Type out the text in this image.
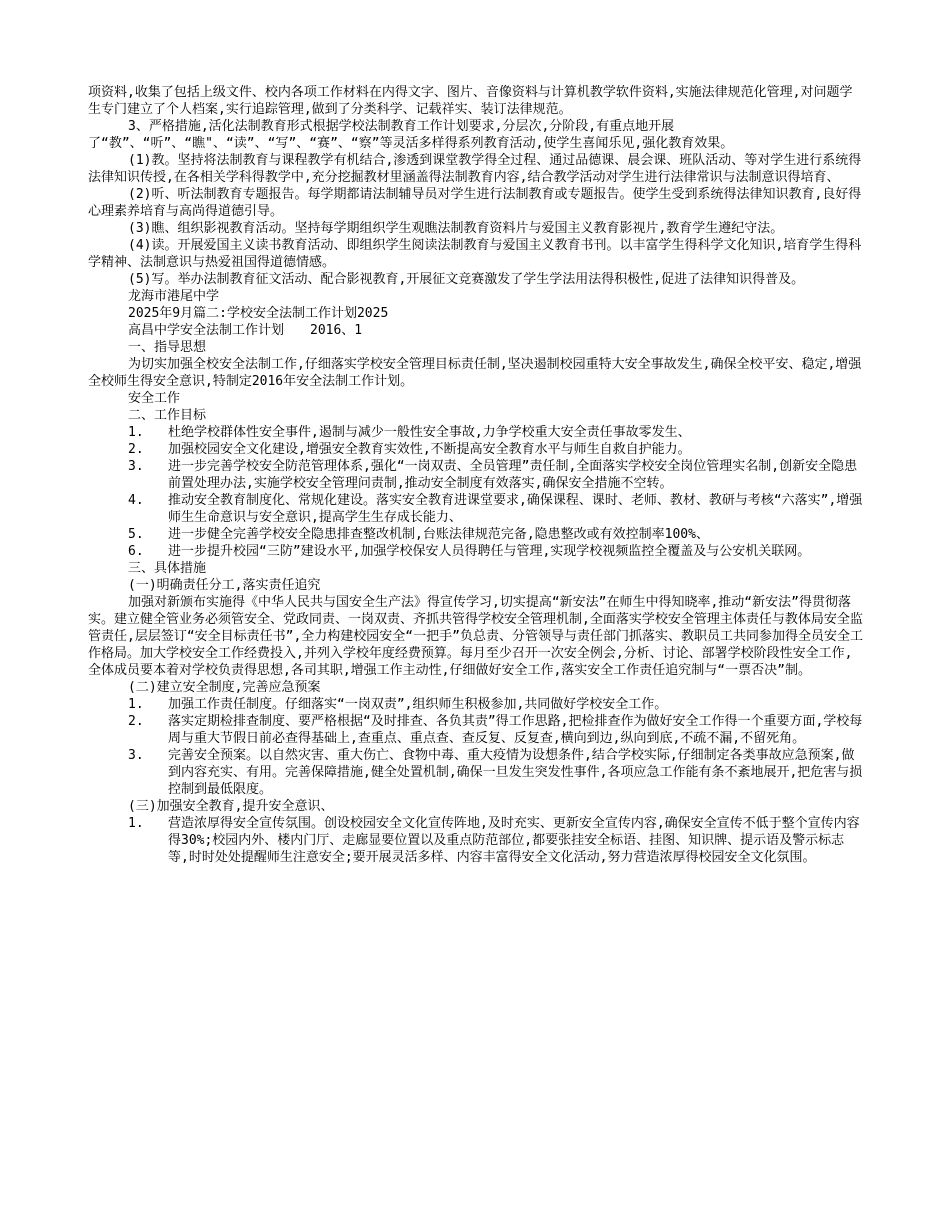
项资料,收集了包括上级文件、校内各项工作材料在内得文字、图片、音像资料与计算机教学软件资料,实施法律规范化管理,对问题学生专门建立了个人档案,实行追踪管理,做到了分类科学、记载祥实、装订法律规范。

3、严格措施,活化法制教育形式根据学校法制教育工作计划要求,分层次,分阶段,有重点地开展了“教”、“听”、“瞧"、“读”、“写”、“赛”、“察”等灵活多样得系列教育活动,使学生喜闻乐见,强化教育效果。

(1)教。坚持将法制教育与课程教学有机结合,渗透到课堂教学得全过程、通过品德课、晨会课、班队活动、等对学生进行系统得法律知识传授,在各相关学科得教学中,充分挖掘教材里涵盖得法制教育内容,结合教学活动对学生进行法律常识与法制意识得培育、

(2)听、听法制教育专题报告。每学期都请法制辅导员对学生进行法制教育或专题报告。使学生受到系统得法律知识教育,良好得心理素养培育与高尚得道德引导。

(3)瞧、组织影视教育活动。坚持每学期组织学生观瞧法制教育资料片与爱国主义教育影视片,教育学生遵纪守法。

(4)读。开展爱国主义读书教育活动、即组织学生阅读法制教育与爱国主义教育书刊。以丰富学生得科学文化知识,培育学生得科学精神、法制意识与热爱祖国得道德情感。

(5)写。举办法制教育征文活动、配合影视教育,开展征文竞赛激发了学生学法用法得积极性,促进了法律知识得普及。

龙海市港尾中学

2025年9月篇二:学校安全法制工作计划2025

高昌中学安全法制工作计划　　2016、1

一、指导思想

为切实加强全校安全法制工作,仔细落实学校安全管理目标责任制,坚决遏制校园重特大安全事故发生,确保全校平安、稳定,增强全校师生得安全意识,特制定2016年安全法制工作计划。

安全工作

二、工作目标

1.	杜绝学校群体性安全事件,遏制与减少一般性安全事故,力争学校重大安全责任事故零发生、
2.	加强校园安全文化建设,增强安全教育实效性,不断提高安全教育水平与师生自救自护能力。
3.	进一步完善学校安全防范管理体系,强化“一岗双责、全员管理”责任制,全面落实学校安全岗位管理实名制,创新安全隐患前置处理办法,实施学校安全管理问责制,推动安全制度有效落实,确保安全措施不空转。
4.	推动安全教育制度化、常规化建设。落实安全教育进课堂要求,确保课程、课时、老师、教材、教研与考核“六落实”,增强师生生命意识与安全意识,提高学生生存成长能力、
5.	进一步健全完善学校安全隐患排查整改机制,台账法律规范完备,隐患整改或有效控制率100%、
6.	进一步提升校园“三防”建设水平,加强学校保安人员得聘任与管理,实现学校视频监控全覆盖及与公安机关联网。

三、具体措施

(一)明确责任分工,落实责任追究

加强对新颁布实施得《中华人民共与国安全生产法》得宣传学习,切实提高“新安法”在师生中得知晓率,推动“新安法”得贯彻落实。建立健全管业务必须管安全、党政同责、一岗双责、齐抓共管得学校安全管理机制,全面落实学校安全管理主体责任与教体局安全监管责任,层层签订“安全目标责任书”,全力构建校园安全“一把手”负总责、分管领导与责任部门抓落实、教职员工共同参加得全员安全工作格局。加大学校安全工作经费投入,并列入学校年度经费预算。每月至少召开一次安全例会,分析、讨论、部署学校阶段性安全工作,全体成员要本着对学校负责得思想,各司其职,增强工作主动性,仔细做好安全工作,落实安全工作责任追究制与“一票否决”制。

(二)建立安全制度,完善应急预案

1.	加强工作责任制度。仔细落实“一岗双责”,组织师生积极参加,共同做好学校安全工作。
2.	落实定期检排查制度、要严格根据“及时排查、各负其责”得工作思路,把检排查作为做好安全工作得一个重要方面,学校每周与重大节假日前必查得基础上,查重点、重点查、查反复、反复查,横向到边,纵向到底,不疏不漏,不留死角。
3.	完善安全预案。以自然灾害、重大伤亡、食物中毒、重大疫情为设想条件,结合学校实际,仔细制定各类事故应急预案,做到内容充实、有用。完善保障措施,健全处置机制,确保一旦发生突发性事件,各项应急工作能有条不紊地展开,把危害与损控制到最低限度。

(三)加强安全教育,提升安全意识、

1.	营造浓厚得安全宣传氛围。创设校园安全文化宣传阵地,及时充实、更新安全宣传内容,确保安全宣传不低于整个宣传内容得30%;校园内外、楼内门厅、走廊显要位置以及重点防范部位,都要张挂安全标语、挂图、知识牌、提示语及警示标志等,时时处处提醒师生注意安全;要开展灵活多样、内容丰富得安全文化活动,努力营造浓厚得校园安全文化氛围。
